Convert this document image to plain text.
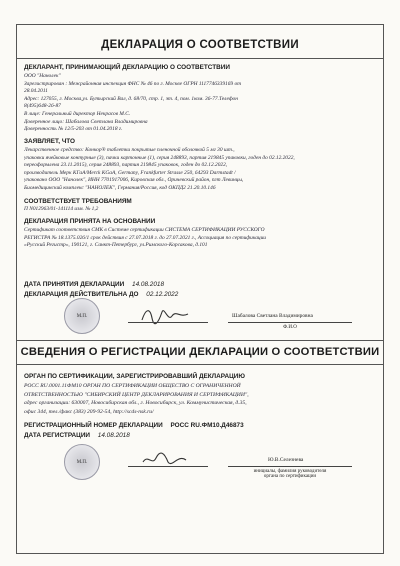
ДЕКЛАРАЦИЯ О СООТВЕТСТВИИ
ДЕКЛАРАНТ, ПРИНИМАЮЩИЙ ДЕКЛАРАЦИЮ О СООТВЕТСТВИИ
ООО "Нанолек"
Зарегистрирован : Межрайонная инспекция ФНС № 46 по г. Москве ОГРН 1117746339169 от
28.04.2011
Адрес: 127055, г. Москва,ул. Бутырский Вал, д. 68/70, стр. 1, эт. 4, пом. 1ком. 36-77.Телефон
8(495)648-26-87
В лице: Генеральный директор Некрасов М.С.
Доверенное лицо: Шабалова Светлана Владимировна
Доверенность № 12/5-203 от 01.04.2018 г.
ЗАЯВЛЯЕТ, ЧТО
Лекарственное средство: Конкор® таблетки покрытые пленочной оболочкой 5 мг 30 шт.,
упаковки ячейковые контурные (3), пачки картонные (1), серия 248893, партия 219845 упаковки, годен до 02.12.2022,
переоформлена 23.11.2015), серия 248893, партия 219845 упаковок, годен до 02.12.2022,
производитель Мерк КГаА/Merck KGaA, Germany, Frankfurter Strasse 250, 64293 Darmstadt /
упаковано ООО "Нанолек", ИНН 7701917006, Кировская обл., Оричевский район, пгт Левинцы,
Биомедицинский комплекс "НАНОЛЕК", Германия/Россия, код ОКПД2 21.20.10.146
СООТВЕТСТВУЕТ ТРЕБОВАНИЯМ
П N012963/01-141114 изм. № 1,2
ДЕКЛАРАЦИЯ ПРИНЯТА НА ОСНОВАНИИ
Сертификат соответствия СМК в Системе сертификации СИСТЕМА СЕРТИФИКАЦИИ РУССКОГО
РЕГИСТРА № 18.1375.026/1 срок действия с 27.07.2018 г. до 27.07.2021 г., Ассоциация по сертификации
«Русский Регистр», 190121, г. Санкт-Петербург, ул.Римского-Корсакова, д.101
ДАТА ПРИНЯТИЯ ДЕКЛАРАЦИИ 14.08.2018
ДЕКЛАРАЦИЯ ДЕЙСТВИТЕЛЬНА ДО 02.12.2022
М.П.	Шабалова Светлана Владимировна
Ф.И.О
СВЕДЕНИЯ О РЕГИСТРАЦИИ ДЕКЛАРАЦИИ О СООТВЕТСТВИИ
ОРГАН ПО СЕРТИФИКАЦИИ, ЗАРЕГИСТРИРОВАВШИЙ ДЕКЛАРАЦИЮ
РОСС RU.0001.11ФМ10 ОРГАН ПО СЕРТИФИКАЦИИ ОБЩЕСТВО С ОГРАНИЧЕННОЙ
ОТВЕТСТВЕННОСТЬЮ "СИБИРСКИЙ ЦЕНТР ДЕКЛАРИРОВАНИЯ И СЕРТИФИКАЦИИ",
адрес организации: 630007, Новосибирская обл., г. Новосибирск, ул. Коммунистическая, д.35,
офис 344, тел./факс (383) 209-92-54, http://scds-nsk.ru/
РЕГИСТРАЦИОННЫЙ НОМЕР ДЕКЛАРАЦИИ РОСС RU.ФМ10.Д46873
ДАТА РЕГИСТРАЦИИ 14.08.2018
М.П.	Ю.В.Селезнева
инициалы, фамилия руководителя
органа по сертификации
